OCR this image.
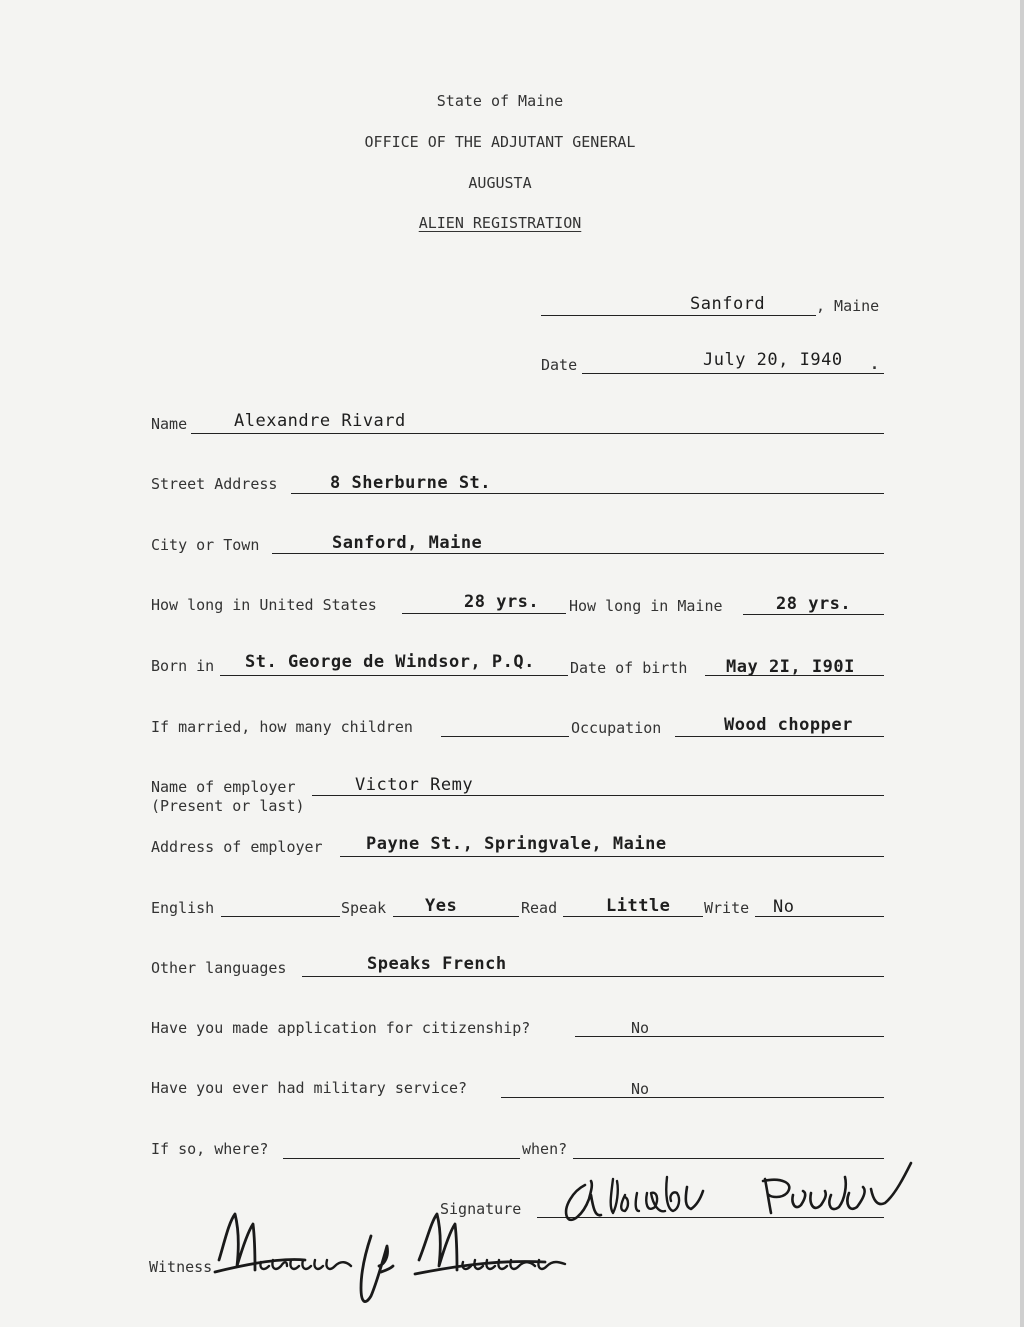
State of Maine
OFFICE OF THE ADJUTANT GENERAL
AUGUSTA
ALIEN REGISTRATION
Sanford	, Maine
Date	July 20, I940 .
Name	Alexandre Rivard
Street Address	8 Sherburne St.
City or Town	Sanford, Maine
How long in United States	28 yrs. How long in Maine	28 yrs.
Born in St. George de Windsor, P.Q. Date of birth May 2I, I90I
If married, how many children	Occupation	Wood chopper
Name of employer
(Present or last)
Victor Remy
Address of employer	Payne St., Springvale, Maine
English	Speak Yes	Read	Little Write No
Other languages	Speaks French
Have you made application for citizenship?	No
Have you ever had military service?	No
If so, where?	when?
Signature
Witness
